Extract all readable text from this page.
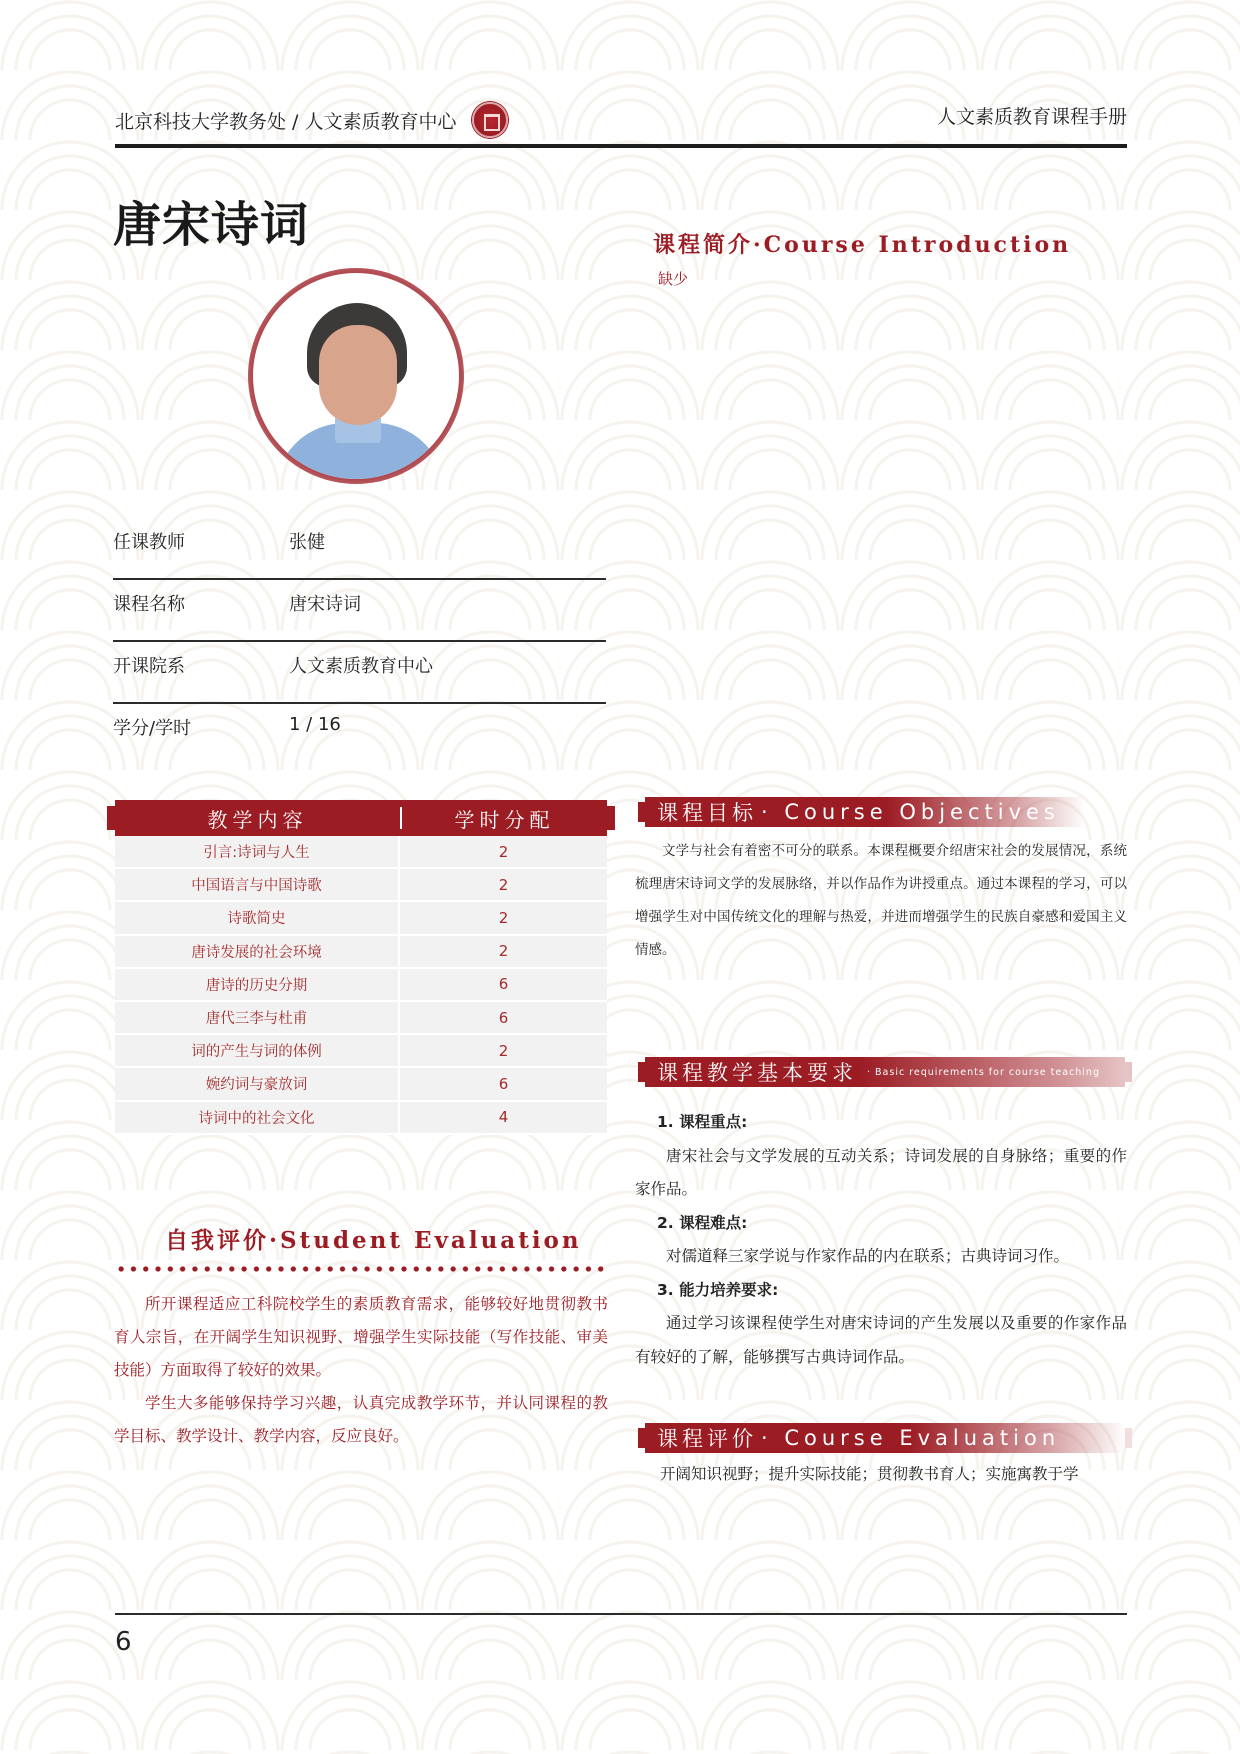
北京科技大学教务处 / 人文素质教育中心	人文素质教育课程手册
唐宋诗词
任课教师	张健
课程名称	唐宋诗词
开课院系	人文素质教育中心
学分/学时	1 / 16
教学内容	学时分配
引言:诗词与人生	2
中国语言与中国诗歌	2
诗歌简史	2
唐诗发展的社会环境	2
唐诗的历史分期	6
唐代三李与杜甫	6
词的产生与词的体例	2
婉约词与豪放词	6
诗词中的社会文化	4
自我评价·Student Evaluation

所开课程适应工科院校学生的素质教育需求，能够较好地贯彻教书育人宗旨，在开阔学生知识视野、增强学生实际技能（写作技能、审美技能）方面取得了较好的效果。

学生大多能够保持学习兴趣，认真完成教学环节，并认同课程的教学目标、教学设计、教学内容，反应良好。

课程简介·Course Introduction
缺少
课程目标 · Course Objectives

文学与社会有着密不可分的联系。本课程概要介绍唐宋社会的发展情况，系统梳理唐宋诗词文学的发展脉络，并以作品作为讲授重点。通过本课程的学习，可以增强学生对中国传统文化的理解与热爱，并进而增强学生的民族自豪感和爱国主义情感。

课程教学基本要求 · Basic requirements for course teaching
1. 课程重点:
唐宋社会与文学发展的互动关系；诗词发展的自身脉络；重要的作家作品。
2. 课程难点:
对儒道释三家学说与作家作品的内在联系；古典诗词习作。
3. 能力培养要求:
通过学习该课程使学生对唐宋诗词的产生发展以及重要的作家作品有较好的了解，能够撰写古典诗词作品。
课程评价 · Course Evaluation
开阔知识视野；提升实际技能；贯彻教书育人；实施寓教于学
6
